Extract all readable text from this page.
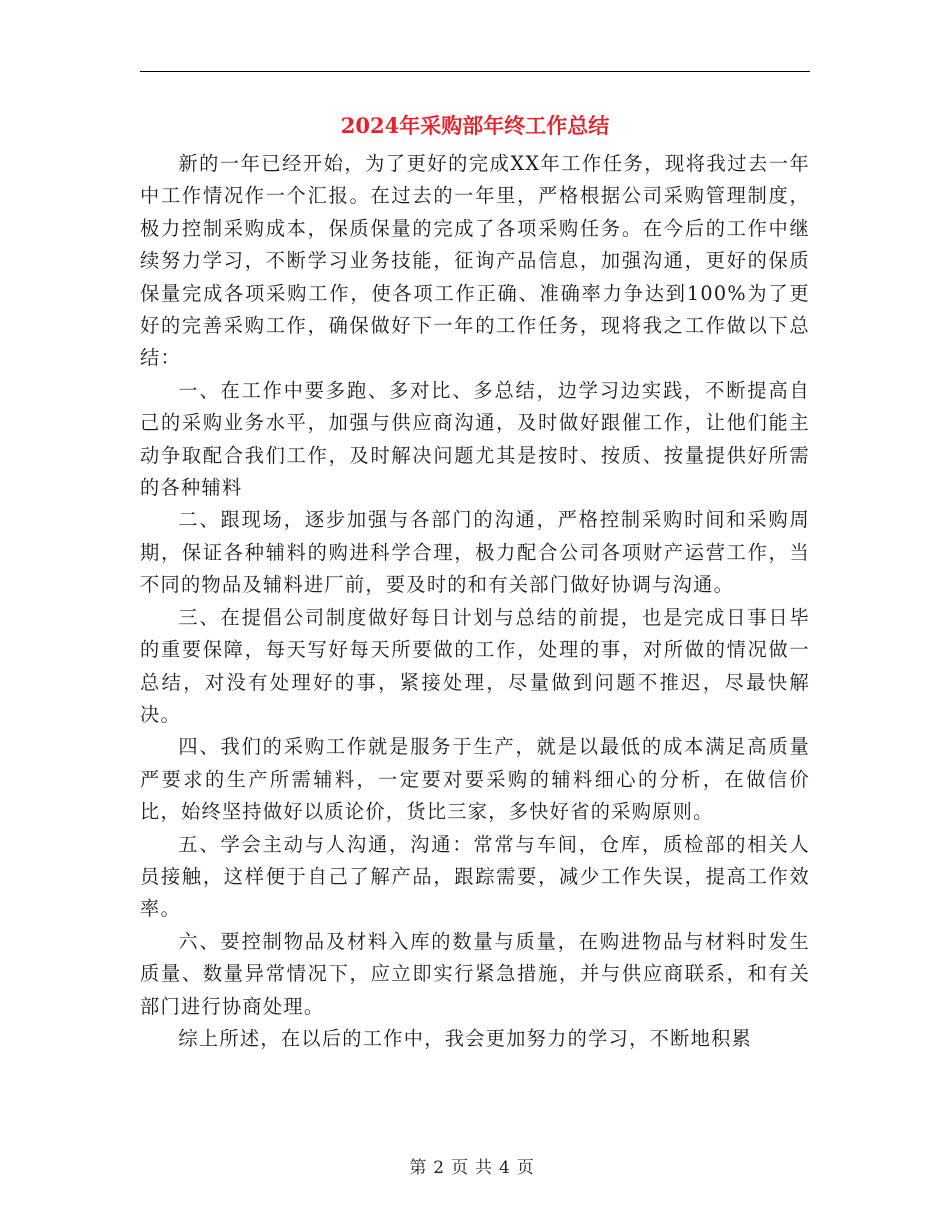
2024年采购部年终工作总结

新的一年已经开始，为了更好的完成XX年工作任务，现将我过去一年中工作情况作一个汇报。在过去的一年里，严格根据公司采购管理制度，极力控制采购成本，保质保量的完成了各项采购任务。在今后的工作中继续努力学习，不断学习业务技能，征询产品信息，加强沟通，更好的保质保量完成各项采购工作，使各项工作正确、准确率力争达到100%为了更好的完善采购工作，确保做好下一年的工作任务，现将我之工作做以下总结：

一、在工作中要多跑、多对比、多总结，边学习边实践，不断提高自己的采购业务水平，加强与供应商沟通，及时做好跟催工作，让他们能主动争取配合我们工作，及时解决问题尤其是按时、按质、按量提供好所需的各种辅料

二、跟现场，逐步加强与各部门的沟通，严格控制采购时间和采购周期，保证各种辅料的购进科学合理，极力配合公司各项财产运营工作，当不同的物品及辅料进厂前，要及时的和有关部门做好协调与沟通。

三、在提倡公司制度做好每日计划与总结的前提，也是完成日事日毕的重要保障，每天写好每天所要做的工作，处理的事，对所做的情况做一总结，对没有处理好的事，紧接处理，尽量做到问题不推迟，尽最快解决。

四、我们的采购工作就是服务于生产，就是以最低的成本满足高质量严要求的生产所需辅料，一定要对要采购的辅料细心的分析，在做信价比，始终坚持做好以质论价，货比三家，多快好省的采购原则。

五、学会主动与人沟通，沟通：常常与车间，仓库，质检部的相关人员接触，这样便于自己了解产品，跟踪需要，减少工作失误，提高工作效率。

六、要控制物品及材料入库的数量与质量，在购进物品与材料时发生质量、数量异常情况下，应立即实行紧急措施，并与供应商联系，和有关部门进行协商处理。

综上所述，在以后的工作中，我会更加努力的学习，不断地积累

第 2 页 共 4 页
